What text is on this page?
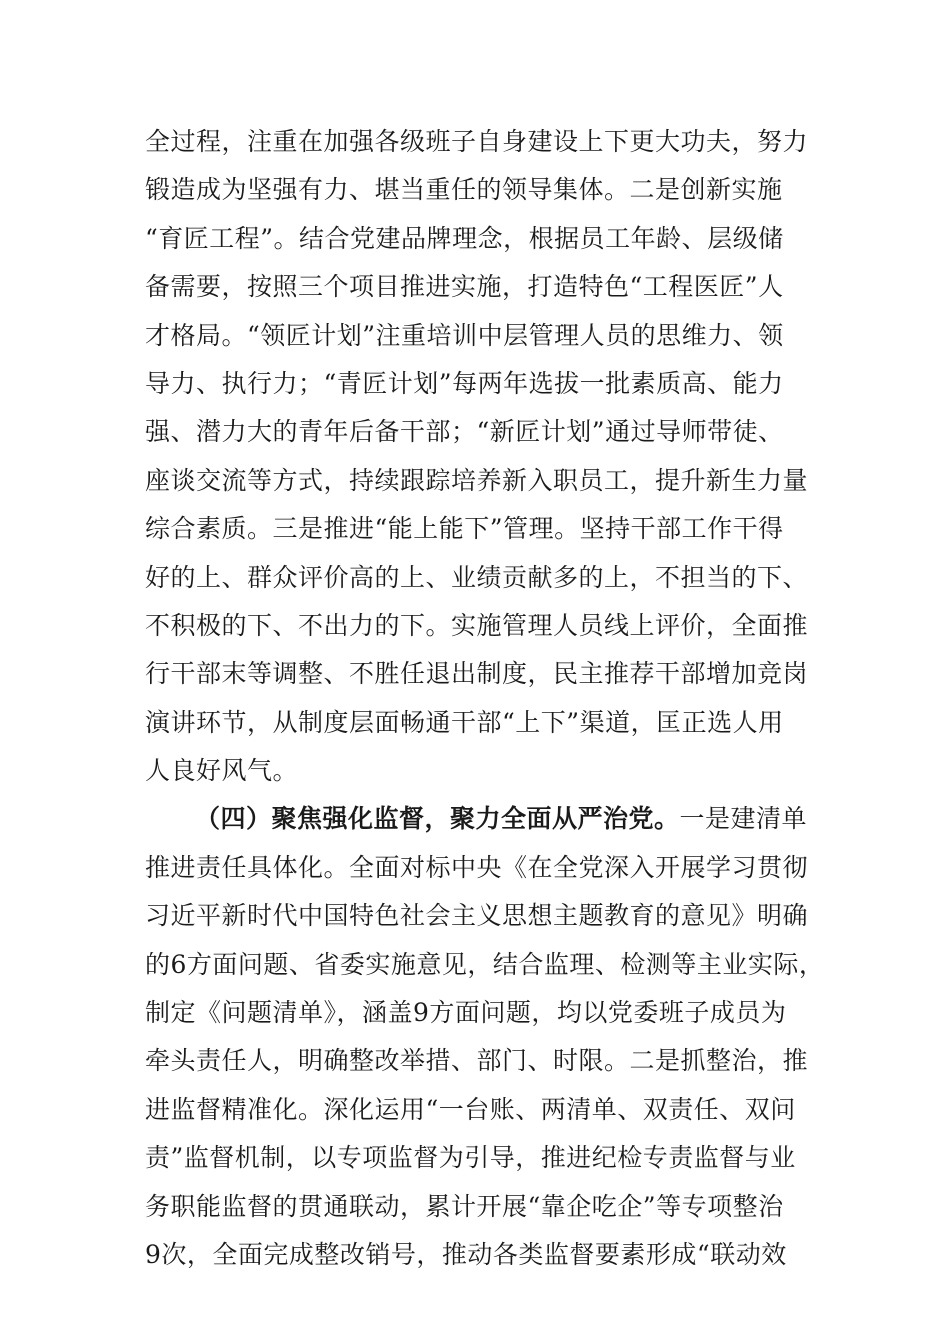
全过程，注重在加强各级班子自身建设上下更大功夫，努力
锻造成为坚强有力、堪当重任的领导集体。二是创新实施
“育匠工程”。结合党建品牌理念，根据员工年龄、层级储
备需要，按照三个项目推进实施，打造特色“工程医匠”人
才格局。“领匠计划”注重培训中层管理人员的思维力、领
导力、执行力；“青匠计划”每两年选拔一批素质高、能力
强、潜力大的青年后备干部；“新匠计划”通过导师带徒、
座谈交流等方式，持续跟踪培养新入职员工，提升新生力量
综合素质。三是推进“能上能下”管理。坚持干部工作干得
好的上、群众评价高的上、业绩贡献多的上，不担当的下、
不积极的下、不出力的下。实施管理人员线上评价，全面推
行干部末等调整、不胜任退出制度，民主推荐干部增加竞岗
演讲环节，从制度层面畅通干部“上下”渠道，匡正选人用
人良好风气。
（四）聚焦强化监督，聚力全面从严治党。一是建清单
推进责任具体化。全面对标中央《在全党深入开展学习贯彻
习近平新时代中国特色社会主义思想主题教育的意见》明确
的6方面问题、省委实施意见，结合监理、检测等主业实际，
制定《问题清单》，涵盖9方面问题，均以党委班子成员为
牵头责任人，明确整改举措、部门、时限。二是抓整治，推
进监督精准化。深化运用“一台账、两清单、双责任、双问
责”监督机制，以专项监督为引导，推进纪检专责监督与业
务职能监督的贯通联动，累计开展“靠企吃企”等专项整治
9次，全面完成整改销号，推动各类监督要素形成“联动效
